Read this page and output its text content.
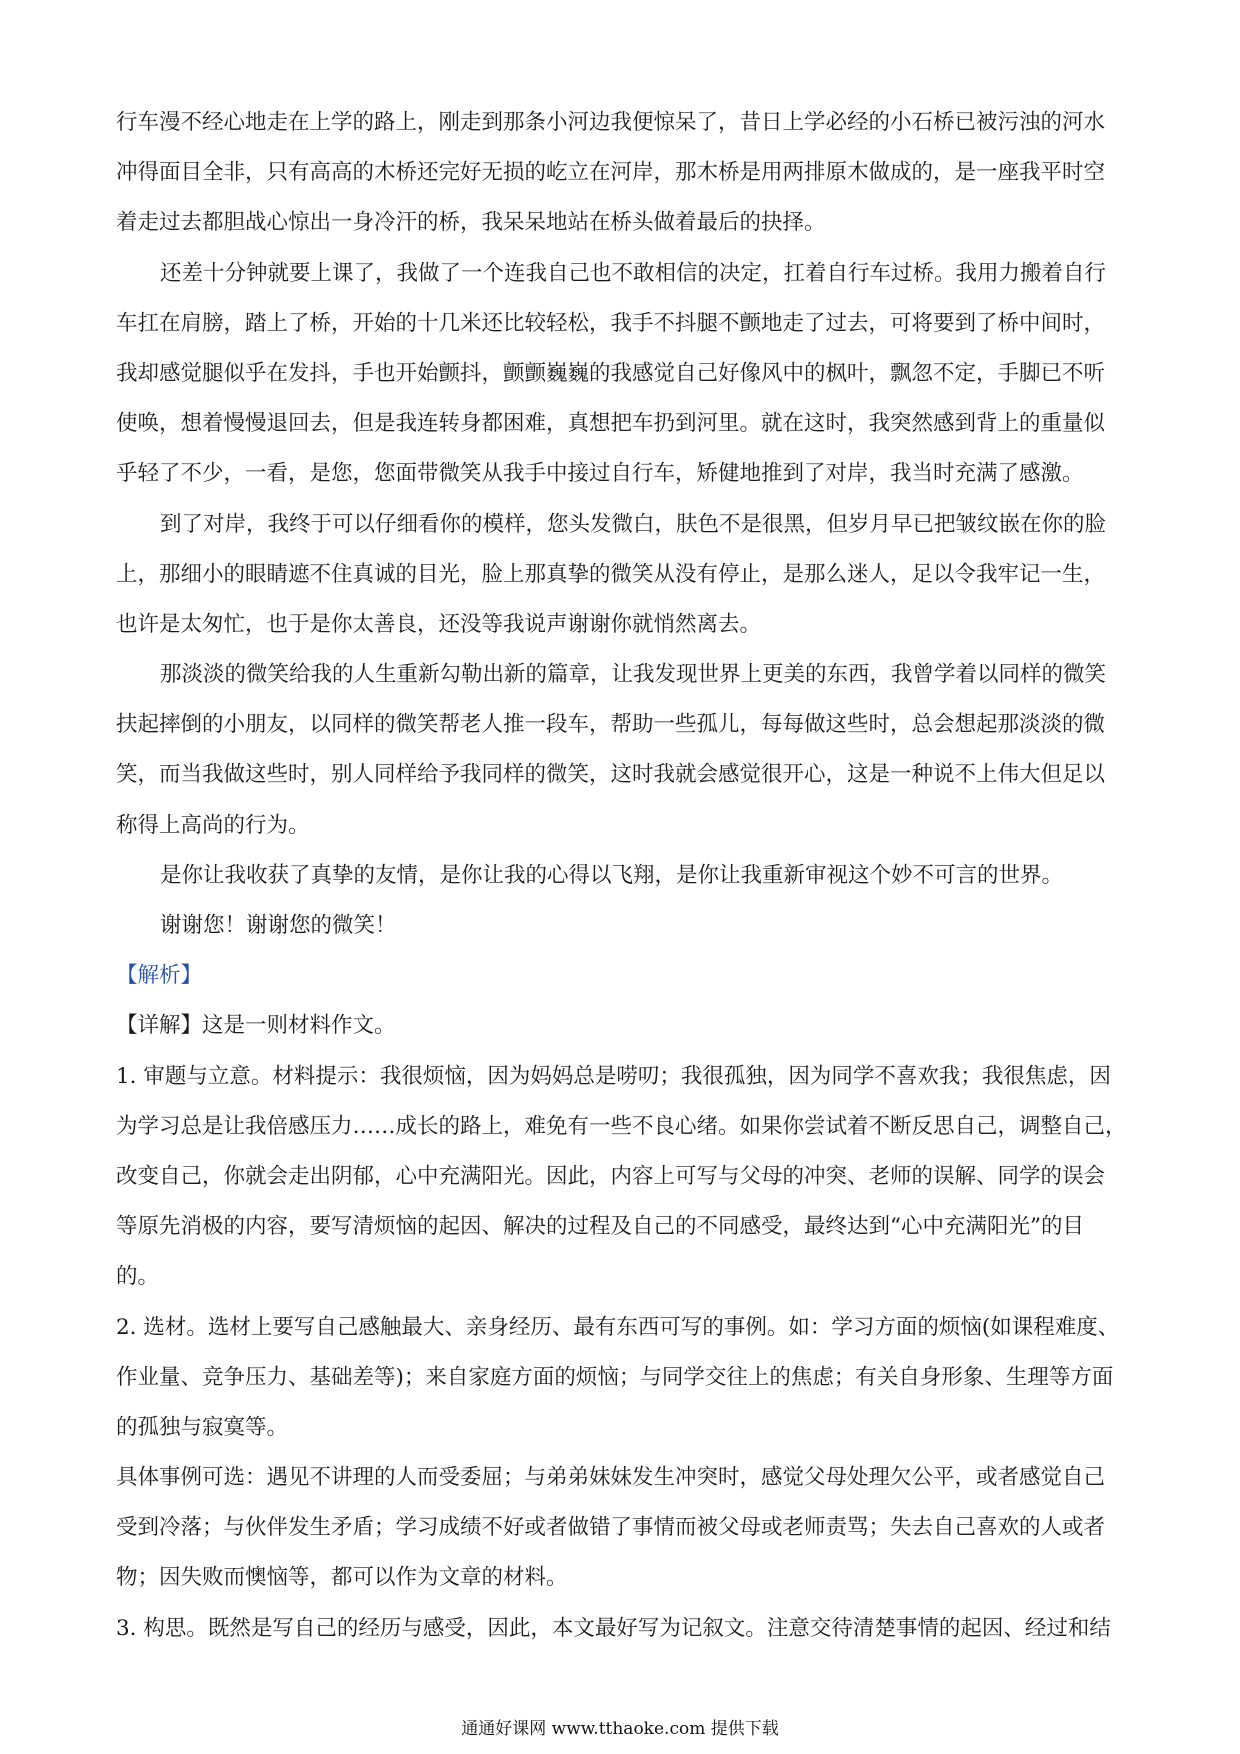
行车漫不经心地走在上学的路上，刚走到那条小河边我便惊呆了，昔日上学必经的小石桥已被污浊的河水
冲得面目全非，只有高高的木桥还完好无损的屹立在河岸，那木桥是用两排原木做成的，是一座我平时空
着走过去都胆战心惊出一身冷汗的桥，我呆呆地站在桥头做着最后的抉择。
还差十分钟就要上课了，我做了一个连我自己也不敢相信的决定，扛着自行车过桥。我用力搬着自行
车扛在肩膀，踏上了桥，开始的十几米还比较轻松，我手不抖腿不颤地走了过去，可将要到了桥中间时，
我却感觉腿似乎在发抖，手也开始颤抖，颤颤巍巍的我感觉自己好像风中的枫叶，飘忽不定，手脚已不听
使唤，想着慢慢退回去，但是我连转身都困难，真想把车扔到河里。就在这时，我突然感到背上的重量似
乎轻了不少，一看，是您，您面带微笑从我手中接过自行车，矫健地推到了对岸，我当时充满了感激。
到了对岸，我终于可以仔细看你的模样，您头发微白，肤色不是很黑，但岁月早已把皱纹嵌在你的脸
上，那细小的眼睛遮不住真诚的目光，脸上那真挚的微笑从没有停止，是那么迷人，足以令我牢记一生，
也许是太匆忙，也于是你太善良，还没等我说声谢谢你就悄然离去。
那淡淡的微笑给我的人生重新勾勒出新的篇章，让我发现世界上更美的东西，我曾学着以同样的微笑
扶起摔倒的小朋友，以同样的微笑帮老人推一段车，帮助一些孤儿，每每做这些时，总会想起那淡淡的微
笑，而当我做这些时，别人同样给予我同样的微笑，这时我就会感觉很开心，这是一种说不上伟大但足以
称得上高尚的行为。
是你让我收获了真挚的友情，是你让我的心得以飞翔，是你让我重新审视这个妙不可言的世界。
谢谢您！谢谢您的微笑！
【解析】
【详解】这是一则材料作文。
1. 审题与立意。材料提示：我很烦恼，因为妈妈总是唠叨；我很孤独，因为同学不喜欢我；我很焦虑，因
为学习总是让我倍感压力……成长的路上，难免有一些不良心绪。如果你尝试着不断反思自己，调整自己，
改变自己，你就会走出阴郁，心中充满阳光。因此，内容上可写与父母的冲突、老师的误解、同学的误会
等原先消极的内容，要写清烦恼的起因、解决的过程及自己的不同感受，最终达到“心中充满阳光”的目
的。
2. 选材。选材上要写自己感触最大、亲身经历、最有东西可写的事例。如：学习方面的烦恼(如课程难度、
作业量、竞争压力、基础差等)；来自家庭方面的烦恼；与同学交往上的焦虑；有关自身形象、生理等方面
的孤独与寂寞等。
具体事例可选：遇见不讲理的人而受委屈；与弟弟妹妹发生冲突时，感觉父母处理欠公平，或者感觉自己
受到冷落；与伙伴发生矛盾；学习成绩不好或者做错了事情而被父母或老师责骂；失去自己喜欢的人或者
物；因失败而懊恼等，都可以作为文章的材料。
3. 构思。既然是写自己的经历与感受，因此，本文最好写为记叙文。注意交待清楚事情的起因、经过和结
通通好课网 www.tthaoke.com 提供下载
